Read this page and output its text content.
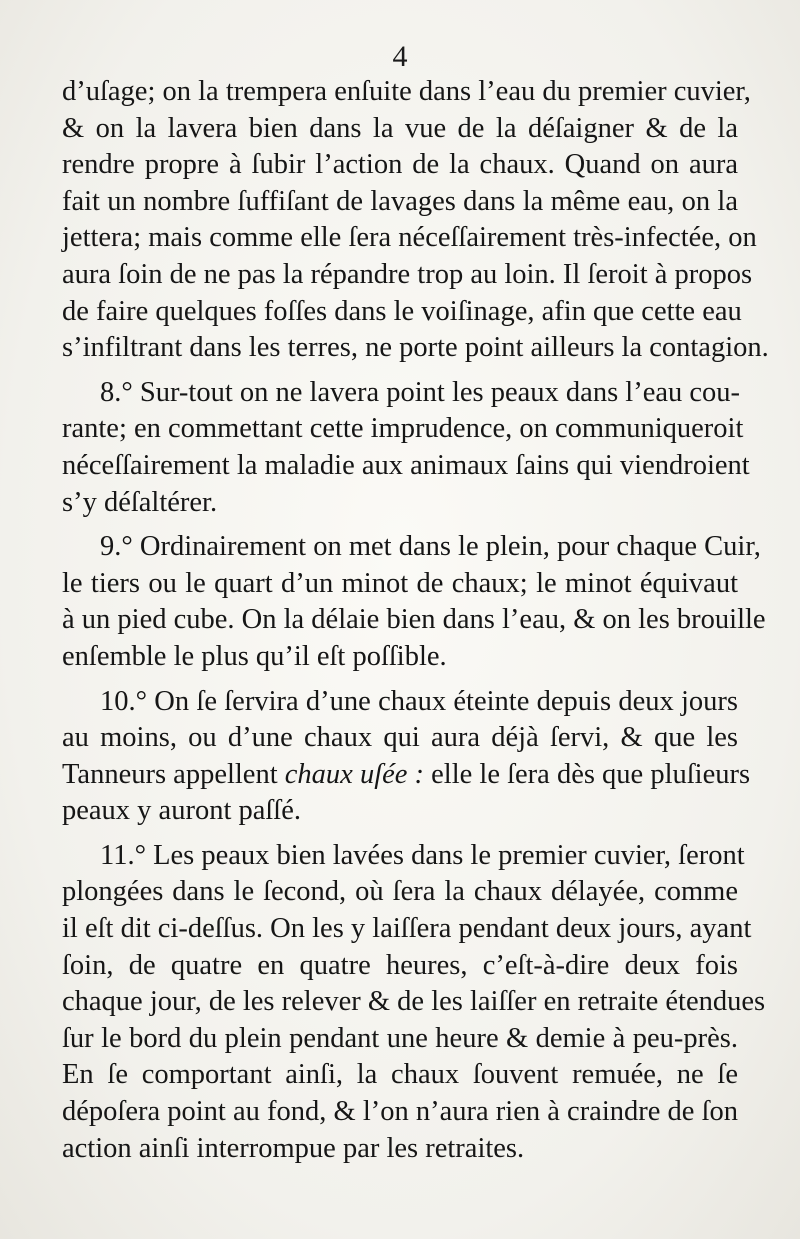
4
d’uſage; on la trempera enſuite dans l’eau du premier cuvier,
& on la lavera bien dans la vue de la déſaigner & de la
rendre propre à ſubir l’action de la chaux. Quand on aura
fait un nombre ſuffiſant de lavages dans la même eau, on la
jettera; mais comme elle ſera néceſſairement très-infectée, on
aura ſoin de ne pas la répandre trop au loin. Il ſeroit à propos
de faire quelques foſſes dans le voiſinage, afin que cette eau
s’infiltrant dans les terres, ne porte point ailleurs la contagion.
8.° Sur-tout on ne lavera point les peaux dans l’eau cou-
rante; en commettant cette imprudence, on communiqueroit
néceſſairement la maladie aux animaux ſains qui viendroient
s’y déſaltérer.
9.° Ordinairement on met dans le plein, pour chaque Cuir,
le tiers ou le quart d’un minot de chaux; le minot équivaut
à un pied cube. On la délaie bien dans l’eau, & on les brouille
enſemble le plus qu’il eſt poſſible.
10.° On ſe ſervira d’une chaux éteinte depuis deux jours
au moins, ou d’une chaux qui aura déjà ſervi, & que les
Tanneurs appellent chaux uſée : elle le ſera dès que pluſieurs
peaux y auront paſſé.
11.° Les peaux bien lavées dans le premier cuvier, ſeront
plongées dans le ſecond, où ſera la chaux délayée, comme
il eſt dit ci-deſſus. On les y laiſſera pendant deux jours, ayant
ſoin, de quatre en quatre heures, c’eſt-à-dire deux fois
chaque jour, de les relever & de les laiſſer en retraite étendues
ſur le bord du plein pendant une heure & demie à peu-près.
En ſe comportant ainſi, la chaux ſouvent remuée, ne ſe
dépoſera point au fond, & l’on n’aura rien à craindre de ſon
action ainſi interrompue par les retraites.
